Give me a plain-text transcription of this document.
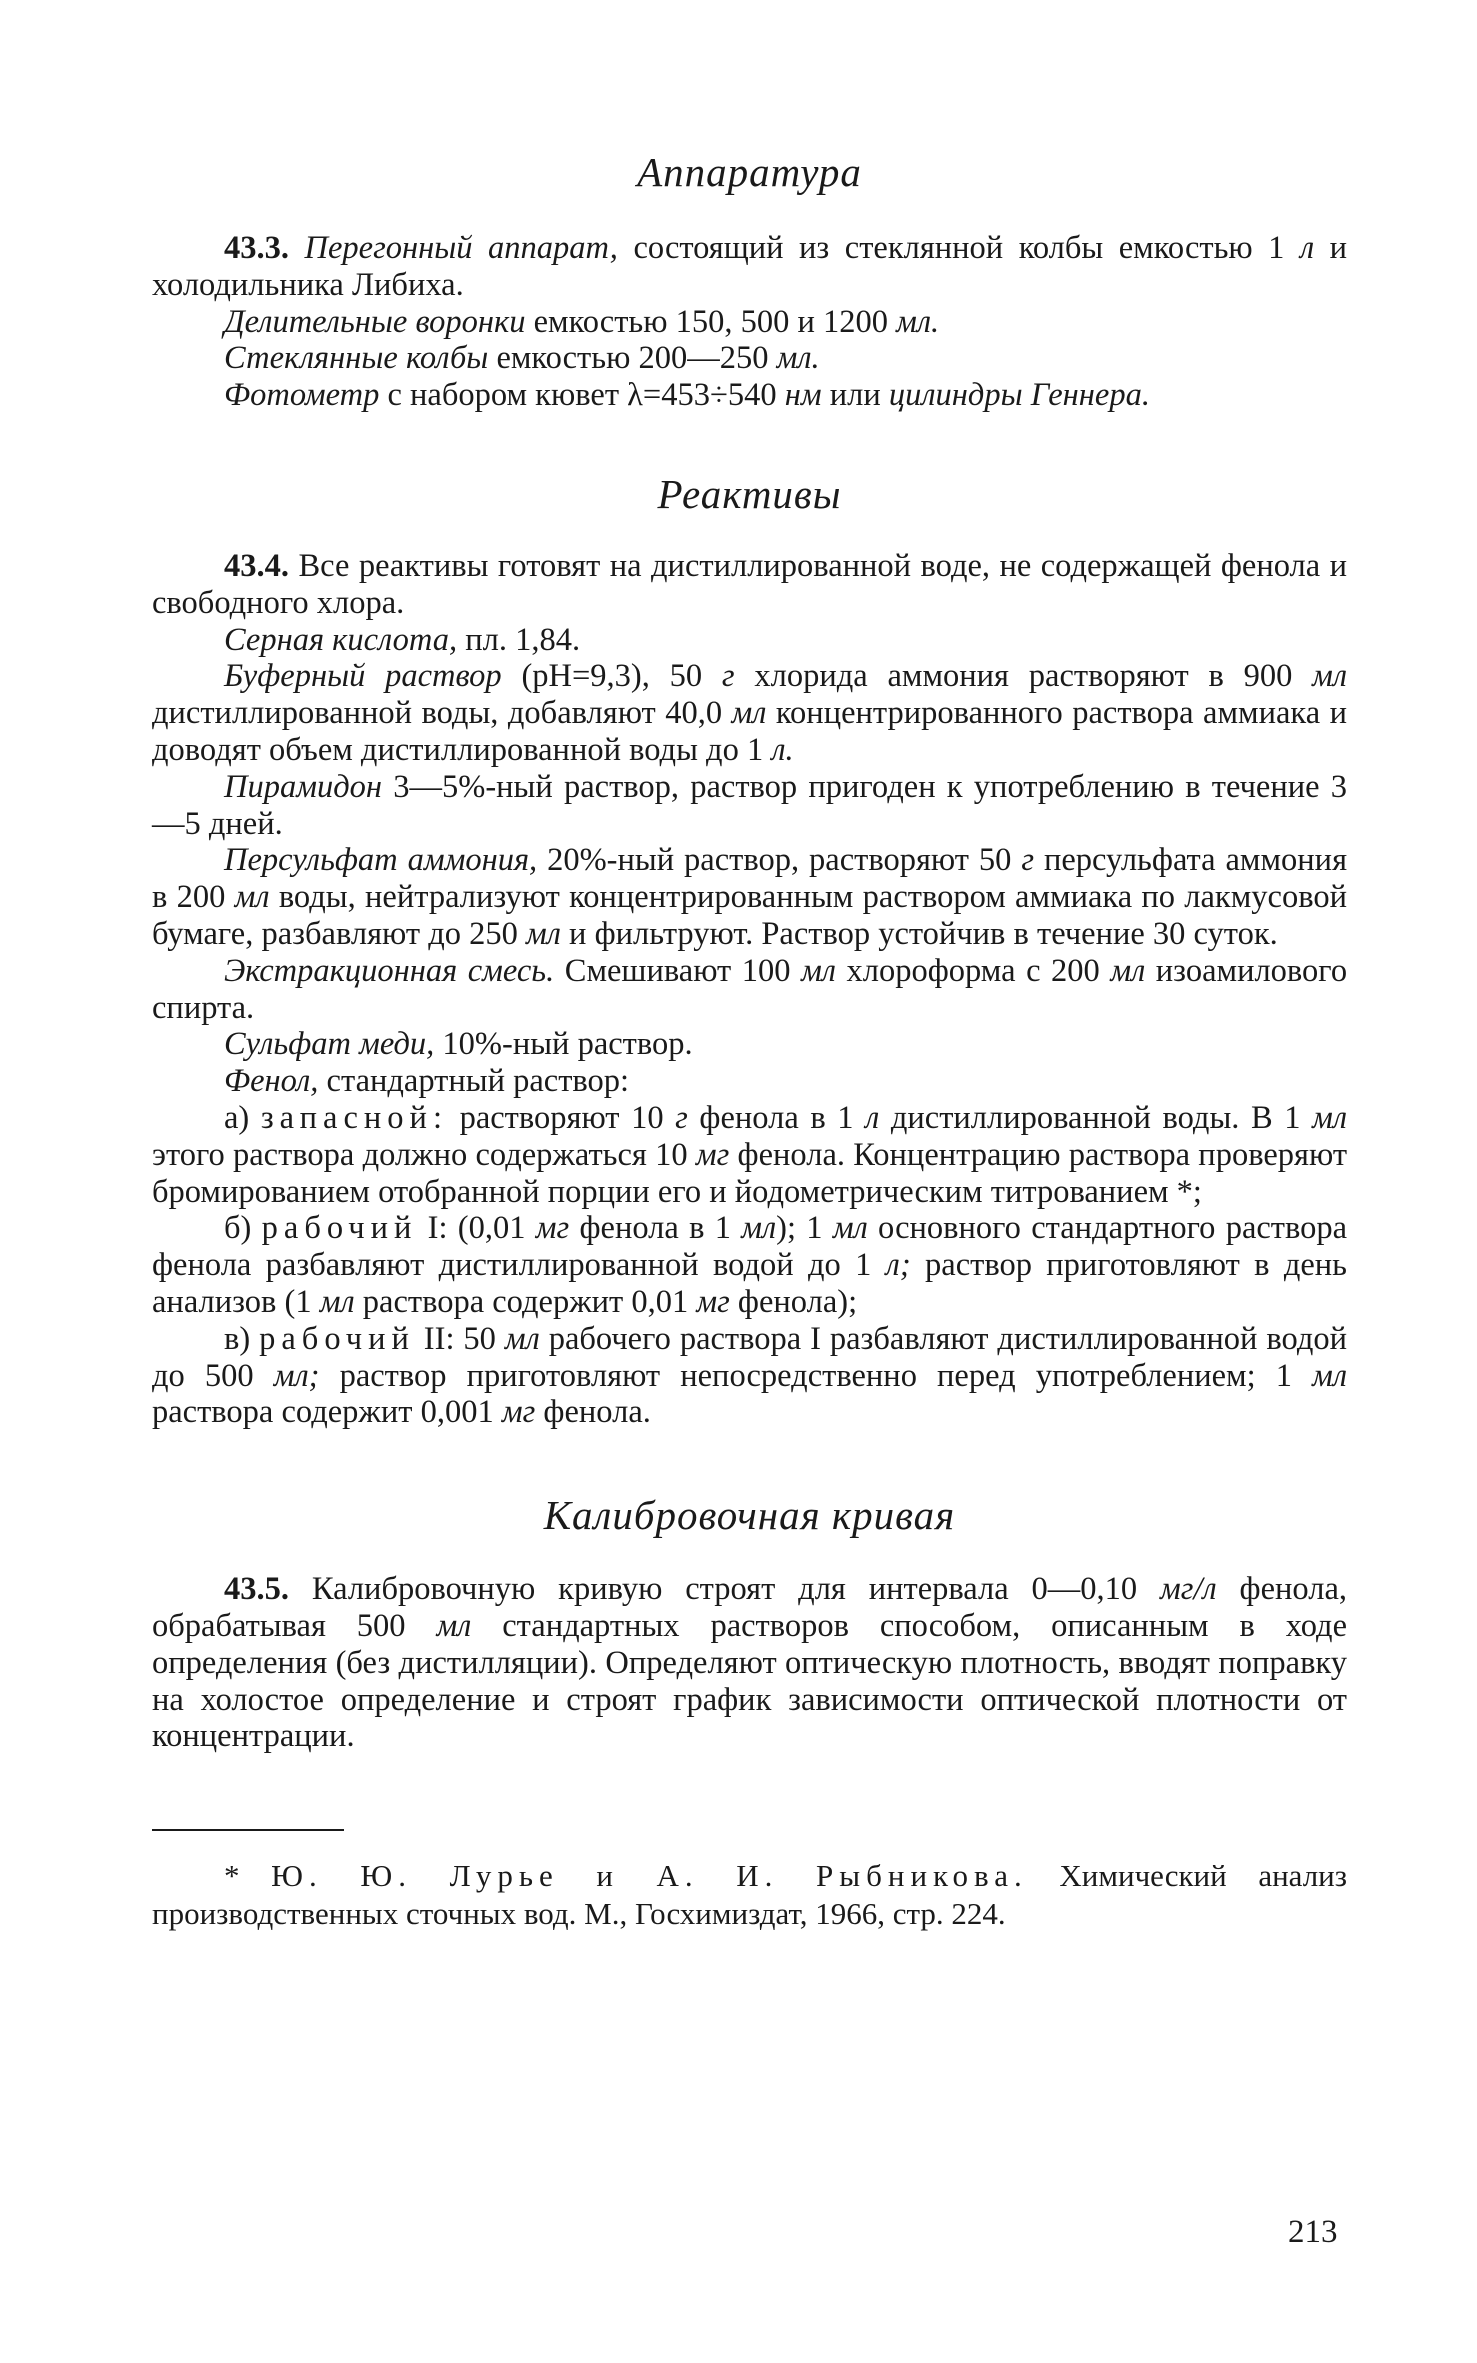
Аппаратура

43.3. Перегонный аппарат, состоящий из стеклянной колбы емкостью 1 л и холодильника Либиха.

Делительные воронки емкостью 150, 500 и 1200 мл.

Стеклянные колбы емкостью 200—250 мл.

Фотометр с набором кювет λ=453÷540 нм или цилиндры Геннера.

Реактивы

43.4. Все реактивы готовят на дистиллированной воде, не содержащей фенола и свободного хлора.

Серная кислота, пл. 1,84.

Буферный раствор (pH=9,3), 50 г хлорида аммония растворяют в 900 мл дистиллированной воды, добавляют 40,0 мл концентрированного раствора аммиака и доводят объем дистиллированной воды до 1 л.

Пирамидон 3—5%-ный раствор, раствор пригоден к употреблению в течение 3—5 дней.

Персульфат аммония, 20%-ный раствор, растворяют 50 г персульфата аммония в 200 мл воды, нейтрализуют концентрированным раствором аммиака по лакмусовой бумаге, разбавляют до 250 мл и фильтруют. Раствор устойчив в течение 30 суток.

Экстракционная смесь. Смешивают 100 мл хлороформа с 200 мл изоамилового спирта.

Сульфат меди, 10%-ный раствор.

Фенол, стандартный раствор:

а) запасной: растворяют 10 г фенола в 1 л дистиллированной воды. В 1 мл этого раствора должно содержаться 10 мг фенола. Концентрацию раствора проверяют бромированием отобранной порции его и йодометрическим титрованием *;

б) рабочий I: (0,01 мг фенола в 1 мл); 1 мл основного стандартного раствора фенола разбавляют дистиллированной водой до 1 л; раствор приготовляют в день анализов (1 мл раствора содержит 0,01 мг фенола);

в) рабочий II: 50 мл рабочего раствора I разбавляют дистиллированной водой до 500 мл; раствор приготовляют непосредственно перед употреблением; 1 мл раствора содержит 0,001 мг фенола.

Калибровочная кривая

43.5. Калибровочную кривую строят для интервала 0—0,10 мг/л фенола, обрабатывая 500 мл стандартных растворов способом, описанным в ходе определения (без дистилляции). Определяют оптическую плотность, вводят поправку на холостое определение и строят график зависимости оптической плотности от концентрации.

* Ю. Ю. Лурье и А. И. Рыбникова. Химический анализ производственных сточных вод. М., Госхимиздат, 1966, стр. 224.

213
